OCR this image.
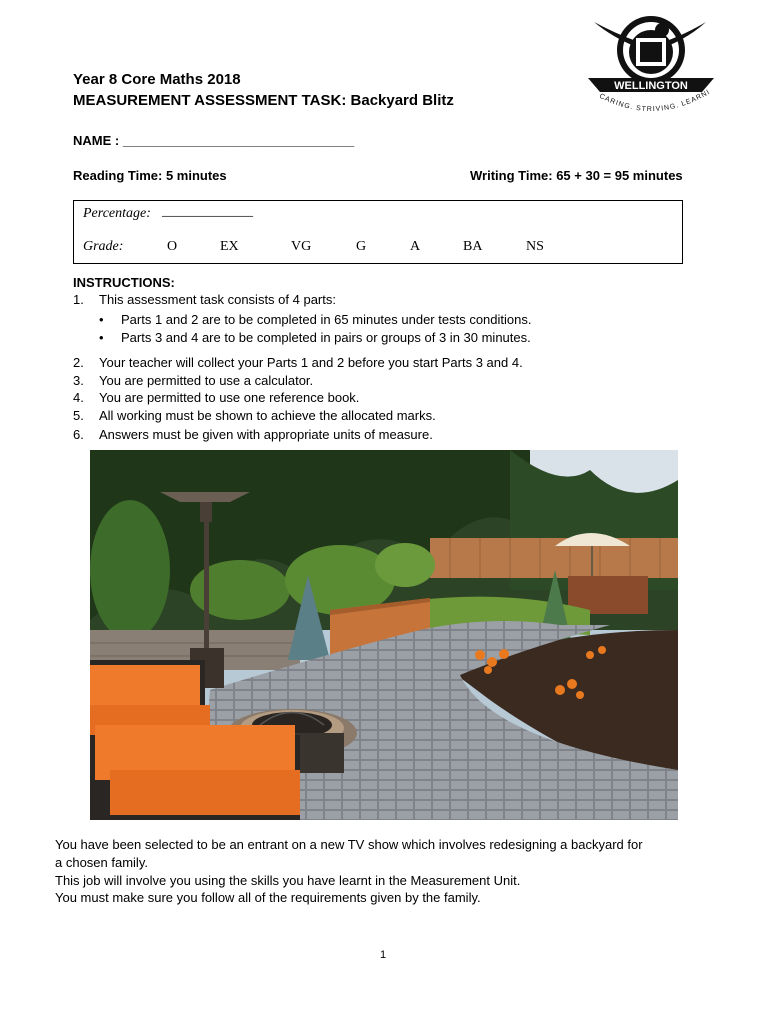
Year 8 Core Maths 2018
MEASUREMENT ASSESSMENT TASK: Backyard Blitz
WELLINGTON
CARING. STRIVING. LEARNI
NAME : ________________________________
Reading Time: 5 minutes	Writing Time: 65 + 30 = 95 minutes
Percentage: _____________
Grade:	O	EX	VG	G	A	BA	NS
INSTRUCTIONS:
1. This assessment task consists of 4 parts:
• Parts 1 and 2 are to be completed in 65 minutes under tests conditions.
• Parts 3 and 4 are to be completed in pairs or groups of 3 in 30 minutes.
2. Your teacher will collect your Parts 1 and 2 before you start Parts 3 and 4.
3. You are permitted to use a calculator.
4. You are permitted to use one reference book.
5. All working must be shown to achieve the allocated marks.
6. Answers must be given with appropriate units of measure.
You have been selected to be an entrant on a new TV show which involves redesigning a backyard for
a chosen family.
This job will involve you using the skills you have learnt in the Measurement Unit.
You must make sure you follow all of the requirements given by the family.
1
